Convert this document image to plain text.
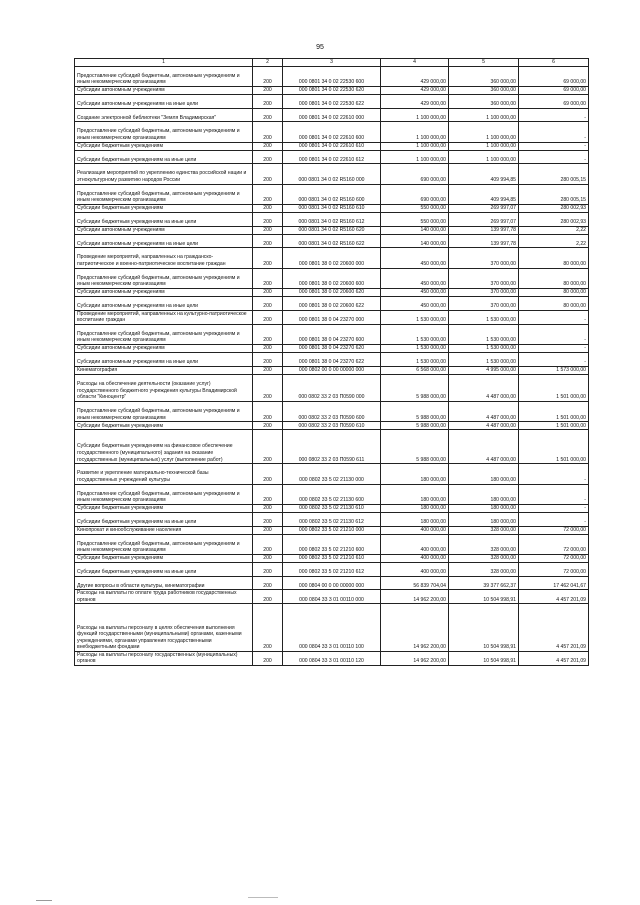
95
1	2	3	4	5	6
Предоставление субсидий бюджетным, автономным учреждениям и иным некоммерческим организациям	200	000 0801 34 0 02 22530 600	429 000,00	360 000,00	69 000,00
Субсидии автономным учреждениям	200	000 0801 34 0 02 22530 620	429 000,00	360 000,00	69 000,00
Субсидии автономным учреждениям на иные цели	200	000 0801 34 0 02 22530 622	429 000,00	360 000,00	69 000,00
Создание электронной библиотеки "Земля Владимирская"	200	000 0801 34 0 02 22610 000	1 100 000,00	1 100 000,00	-
Предоставление субсидий бюджетным, автономным учреждениям и иным некоммерческим организациям	200	000 0801 34 0 02 22610 600	1 100 000,00	1 100 000,00	-
Субсидии бюджетным учреждениям	200	000 0801 34 0 02 22610 610	1 100 000,00	1 100 000,00	-
Субсидии бюджетным учреждениям на иные цели	200	000 0801 34 0 02 22610 612	1 100 000,00	1 100 000,00	-
Реализация мероприятий по укреплению единства российской нации и этнокультурному развитию народов России	200	000 0801 34 0 02 R5160 000	690 000,00	409 994,85	280 005,15
Предоставление субсидий бюджетным, автономным учреждениям и иным некоммерческим организациям	200	000 0801 34 0 02 R5160 600	690 000,00	409 994,85	280 005,15
Субсидии бюджетным учреждениям	200	000 0801 34 0 02 R5160 610	550 000,00	269 997,07	280 002,93
Субсидии бюджетным учреждениям на иные цели	200	000 0801 34 0 02 R5160 612	550 000,00	269 997,07	280 002,93
Субсидии автономным учреждениям	200	000 0801 34 0 02 R5160 620	140 000,00	139 997,78	2,22
Субсидии автономным учреждениям на иные цели	200	000 0801 34 0 02 R5160 622	140 000,00	139 997,78	2,22
Проведение мероприятий, направленных на гражданско-патриотическое и военно-патриотическое воспитание граждан	200	000 0801 38 0 02 20600 000	450 000,00	370 000,00	80 000,00
Предоставление субсидий бюджетным, автономным учреждениям и иным некоммерческим организациям	200	000 0801 38 0 02 20600 600	450 000,00	370 000,00	80 000,00
Субсидии автономным учреждениям	200	000 0801 38 0 02 20600 620	450 000,00	370 000,00	80 000,00
Субсидии автономным учреждениям на иные цели	200	000 0801 38 0 02 20600 622	450 000,00	370 000,00	80 000,00
Проведение мероприятий, направленных на культурно-патриотическое воспитание граждан	200	000 0801 38 0 04 23270 000	1 530 000,00	1 530 000,00	-
Предоставление субсидий бюджетным, автономным учреждениям и иным некоммерческим организациям	200	000 0801 38 0 04 23270 600	1 530 000,00	1 530 000,00	-
Субсидии автономным учреждениям	200	000 0801 38 0 04 23270 620	1 530 000,00	1 530 000,00	-
Субсидии автономным учреждениям на иные цели	200	000 0801 38 0 04 23270 622	1 530 000,00	1 530 000,00	-
Кинематография	200	000 0802 00 0 00 00000 000	6 568 000,00	4 995 000,00	1 573 000,00
Расходы на обеспечение деятельности (оказание услуг) государственного бюджетного учреждения культуры Владимирской области "Киноцентр"	200	000 0802 33 2 03 П0590 000	5 988 000,00	4 487 000,00	1 501 000,00
Предоставление субсидий бюджетным, автономным учреждениям и иным некоммерческим организациям	200	000 0802 33 2 03 П0590 600	5 988 000,00	4 487 000,00	1 501 000,00
Субсидии бюджетным учреждениям	200	000 0802 33 2 03 П0590 610	5 988 000,00	4 487 000,00	1 501 000,00
Субсидии бюджетным учреждениям на финансовое обеспечение государственного (муниципального) задания на оказание государственных (муниципальных) услуг (выполнение работ)	200	000 0802 33 2 03 П0590 611	5 988 000,00	4 487 000,00	1 501 000,00
Развитие и укрепление материально-технической базы государственных учреждений культуры	200	000 0802 33 5 02 21130 000	180 000,00	180 000,00	-
Предоставление субсидий бюджетным, автономным учреждениям и иным некоммерческим организациям	200	000 0802 33 5 02 21130 600	180 000,00	180 000,00	-
Субсидии бюджетным учреждениям	200	000 0802 33 5 02 21130 610	180 000,00	180 000,00	-
Субсидии бюджетным учреждениям на иные цели	200	000 0802 33 5 02 21130 612	180 000,00	180 000,00	-
Кинопрокат и кинообслуживание населения	200	000 0802 33 5 02 21210 000	400 000,00	328 000,00	72 000,00
Предоставление субсидий бюджетным, автономным учреждениям и иным некоммерческим организациям	200	000 0802 33 5 02 21210 600	400 000,00	328 000,00	72 000,00
Субсидии бюджетным учреждениям	200	000 0802 33 5 02 21210 610	400 000,00	328 000,00	72 000,00
Субсидии бюджетным учреждениям на иные цели	200	000 0802 33 5 02 21210 612	400 000,00	328 000,00	72 000,00
Другие вопросы в области культуры, кинематографии	200	000 0804 00 0 00 00000 000	56 839 704,04	39 377 662,37	17 462 041,67
Расходы на выплаты по оплате труда работников государственных органов	200	000 0804 33 3 01 00110 000	14 962 200,00	10 504 998,91	4 457 201,09
Расходы на выплаты персоналу в целях обеспечения выполнения функций государственными (муниципальными) органами, казенными учреждениями, органами управления государственными внебюджетными фондами	200	000 0804 33 3 01 00110 100	14 962 200,00	10 504 998,91	4 457 201,09
Расходы на выплаты персоналу государственных (муниципальных) органов	200	000 0804 33 3 01 00110 120	14 962 200,00	10 504 998,91	4 457 201,09
